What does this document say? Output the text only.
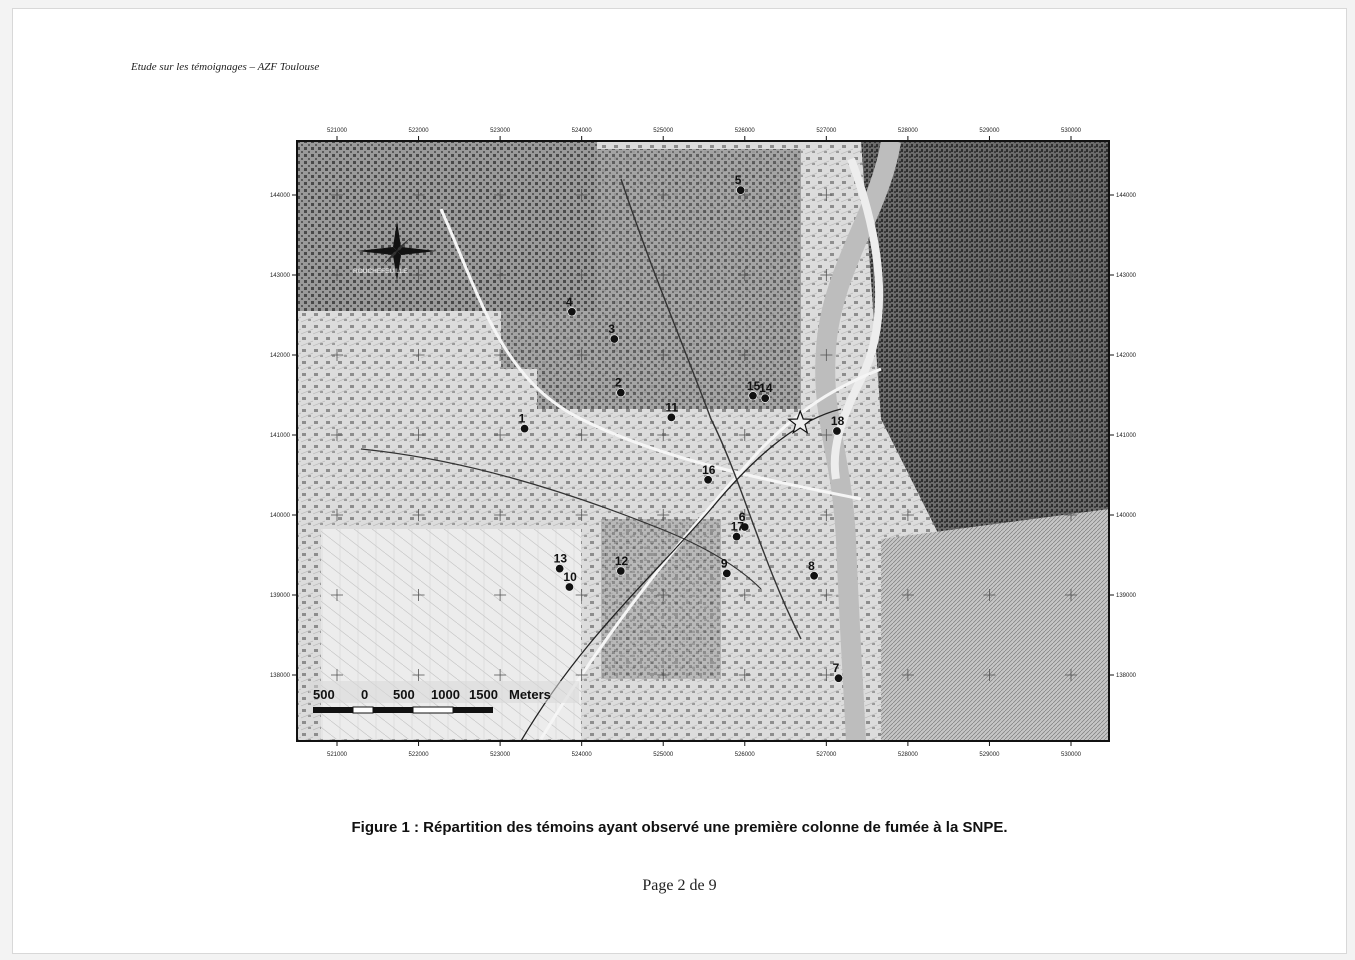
Etude sur les témoignages – AZF Toulouse
521000
521000
522000
522000
523000
523000
524000
524000
525000
525000
526000
526000
527000
527000
528000
528000
529000
529000
530000
530000
144000	144000
143000	143000
142000	142000
141000	141000
140000	140000
139000	139000
138000	138000
ROUCHEFEUILLE
500 0 500 1000 1500 Meters
1
2
3
4
5
6
7
8
9
10
11
12
13
14
15
16
17
18
Figure 1 : Répartition des témoins ayant observé une première colonne de fumée à la SNPE.
Page 2 de 9
